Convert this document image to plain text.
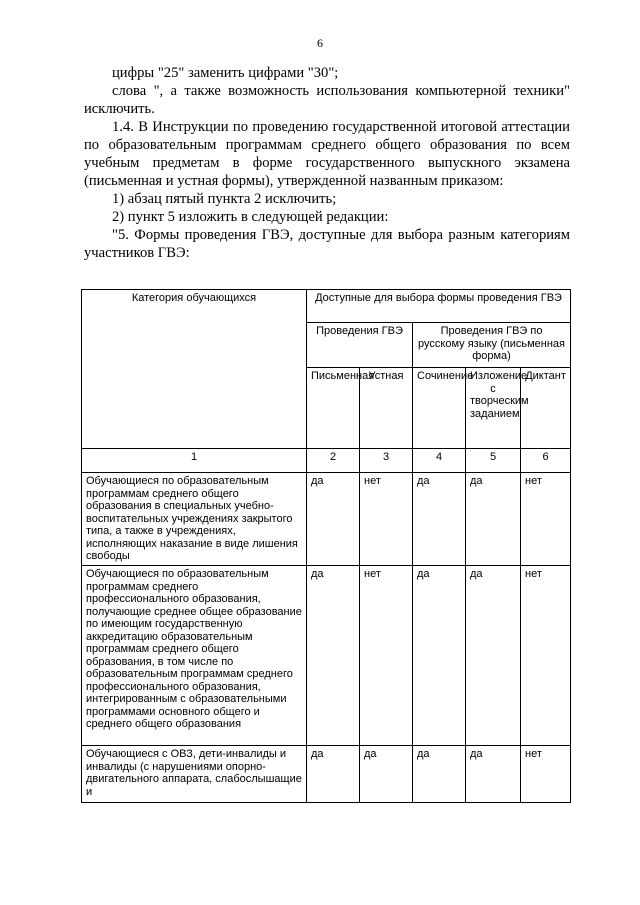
6

цифры "25" заменить цифрами "30";

слова ", а также возможность использования компьютерной техники" исключить.

1.4. В Инструкции по проведению государственной итоговой аттестации по образовательным программам среднего общего образования по всем учебным предметам в форме государственного выпускного экзамена (письменная и устная формы), утвержденной названным приказом:

1) абзац пятый пункта 2 исключить;

2) пункт 5 изложить в следующей редакции:

"5. Формы проведения ГВЭ, доступные для выбора разным категориям участников ГВЭ:

Категория обучающихся	Доступные для выбора формы проведения ГВЭ				
	Проведения ГВЭ		Проведения ГВЭ по русскому языку (письменная форма)		
	Письменная	Устная	Сочинение	Изложение с творческим заданием	Диктант
1	2	3	4	5	6
Обучающиеся по образовательным программам среднего общего образования в специальных учебно-воспитательных учреждениях закрытого типа, а также в учреждениях, исполняющих наказание в виде лишения свободы	да	нет	да	да	нет
Обучающиеся по образовательным программам среднего профессионального образования, получающие среднее общее образование по имеющим государственную аккредитацию образовательным программам среднего общего образования, в том числе по образовательным программам среднего профессионального образования, интегрированным с образовательными программами основного общего и среднего общего образования	да	нет	да	да	нет
Обучающиеся с ОВЗ, дети-инвалиды и инвалиды (с нарушениями опорно-двигательного аппарата, слабослышащие и	да	да	да	да	нет
